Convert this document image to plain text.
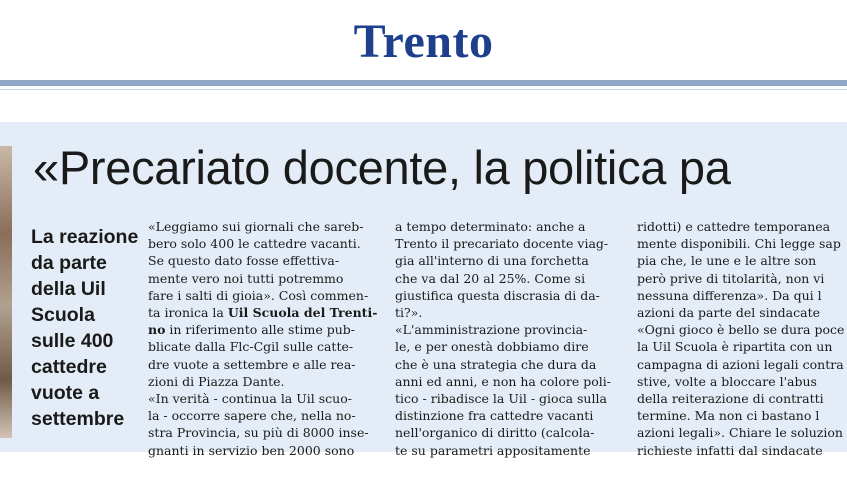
Trento
«Precariato docente, la politica pa
La reazione
da parte
della Uil
Scuola
sulle 400
cattedre
vuote a
settembre
«Leggiamo sui giornali che sareb-
bero solo 400 le cattedre vacanti.
Se questo dato fosse effettiva-
mente vero noi tutti potremmo
fare i salti di gioia». Così commen-
ta ironica la Uil Scuola del Trenti-
no in riferimento alle stime pub-
blicate dalla Flc-Cgil sulle catte-
dre vuote a settembre e alle rea-
zioni di Piazza Dante.
«In verità - continua la Uil scuo-
la - occorre sapere che, nella no-
stra Provincia, su più di 8000 inse-
gnanti in servizio ben 2000 sono
a tempo determinato: anche a
Trento il precariato docente viag-
gia all'interno di una forchetta
che va dal 20 al 25%. Come si
giustifica questa discrasia di da-
ti?».
«L'amministrazione provincia-
le, e per onestà dobbiamo dire
che è una strategia che dura da
anni ed anni, e non ha colore poli-
tico - ribadisce la Uil - gioca sulla
distinzione fra cattedre vacanti
nell'organico di diritto (calcola-
te su parametri appositamente
ridotti) e cattedre temporanea
mente disponibili. Chi legge sap
pia che, le une e le altre son
però prive di titolarità, non vi
nessuna differenza». Da qui l
azioni da parte del sindacate
«Ogni gioco è bello se dura poce
la Uil Scuola è ripartita con un
campagna di azioni legali contra
stive, volte a bloccare l'abus
della reiterazione di contratti
termine. Ma non ci bastano l
azioni legali». Chiare le soluzion
richieste infatti dal sindacate
